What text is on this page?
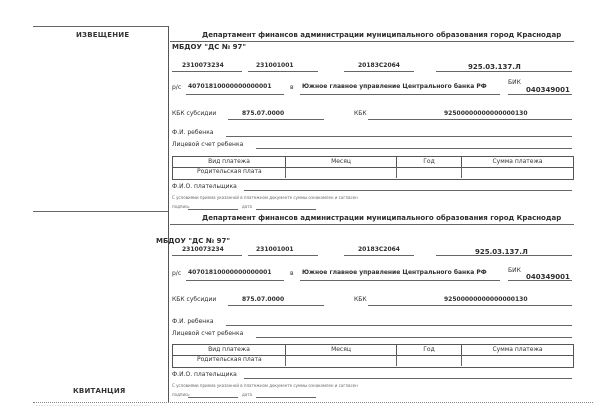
ИЗВЕЩЕНИЕ
КВИТАНЦИЯ
Департамент финансов администрации муниципального образования город Краснодар
МБДОУ "ДС № 97"
2310073234	231001001	20183С2064	925.03.137.Л
р/с 40701810000000000001	в Южное главное управление Центрального банка РФ
БИК
040349001
КБК субсидии	875.07.0000	КБК	92500000000000000130
Ф.И. ребенка
Лицевой счет ребенка
Вид платежа	Месяц	Год	Сумма платежа
Родительская плата
Ф.И.О. плательщика
С условиями приема указанной в платежном документе суммы ознакомлен и согласен
подпись	дата
Департамент финансов администрации муниципального образования город Краснодар
МБДОУ "ДС № 97"
2310073234	231001001	20183С2064	925.03.137.Л
р/с 40701810000000000001	в Южное главное управление Центрального банка РФ	БИК
040349001
КБК субсидии	875.07.0000	КБК	92500000000000000130
Ф.И. ребенка
Лицевой счет ребенка
Вид платежа	Месяц	Год	Сумма платежа
Родительская плата
Ф.И.О. плательщика
С условиями приема указанной в платежном документе суммы ознакомлен и согласен
подпись	дата
- - - - - - - - - - - - - - - - - - - - - - - - - - - - - - - - - - - - - - - - - -
